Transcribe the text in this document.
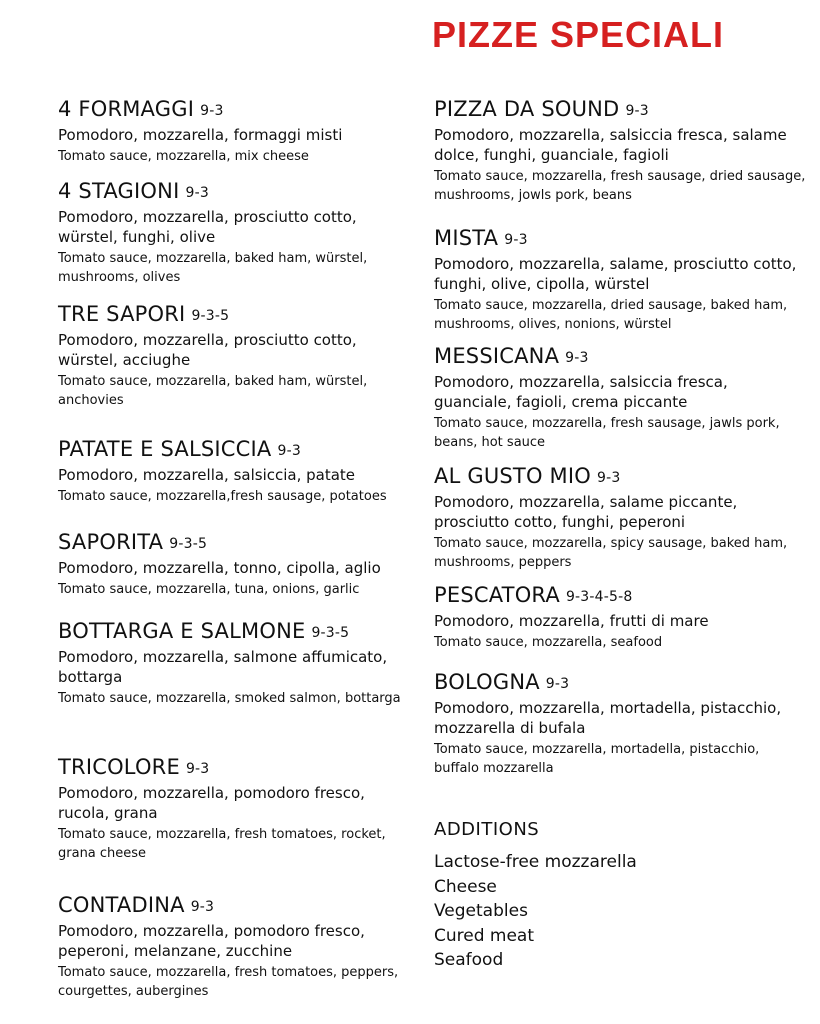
PIZZE SPECIALI
4 FORMAGGI 9-3
Pomodoro, mozzarella, formaggi misti
Tomato sauce, mozzarella, mix cheese
4 STAGIONI 9-3
Pomodoro, mozzarella, prosciutto cotto, würstel, funghi, olive
Tomato sauce, mozzarella, baked ham, würstel, mushrooms, olives
TRE SAPORI 9-3-5
Pomodoro, mozzarella, prosciutto cotto, würstel, acciughe
Tomato sauce, mozzarella, baked ham, würstel, anchovies
PATATE E SALSICCIA 9-3
Pomodoro, mozzarella, salsiccia, patate
Tomato sauce, mozzarella,fresh sausage, potatoes
SAPORITA 9-3-5
Pomodoro, mozzarella, tonno, cipolla, aglio
Tomato sauce, mozzarella, tuna, onions, garlic
BOTTARGA E SALMONE 9-3-5
Pomodoro, mozzarella, salmone affumicato, bottarga
Tomato sauce, mozzarella, smoked salmon, bottarga
TRICOLORE 9-3
Pomodoro, mozzarella, pomodoro fresco, rucola, grana
Tomato sauce, mozzarella, fresh tomatoes, rocket, grana cheese
CONTADINA 9-3
Pomodoro, mozzarella, pomodoro fresco, peperoni, melanzane, zucchine
Tomato sauce, mozzarella, fresh tomatoes, peppers, courgettes, aubergines
PIZZA DA SOUND 9-3
Pomodoro, mozzarella, salsiccia fresca, salame dolce, funghi, guanciale, fagioli
Tomato sauce, mozzarella, fresh sausage, dried sausage, mushrooms, jowls pork, beans
MISTA 9-3
Pomodoro, mozzarella, salame, prosciutto cotto, funghi, olive, cipolla, würstel
Tomato sauce, mozzarella, dried sausage, baked ham, mushrooms, olives, nonions, würstel
MESSICANA 9-3
Pomodoro, mozzarella, salsiccia fresca, guanciale, fagioli, crema piccante
Tomato sauce, mozzarella, fresh sausage, jawls pork, beans, hot sauce
AL GUSTO MIO 9-3
Pomodoro, mozzarella, salame piccante, prosciutto cotto, funghi, peperoni
Tomato sauce, mozzarella, spicy sausage, baked ham, mushrooms, peppers
PESCATORA 9-3-4-5-8
Pomodoro, mozzarella, frutti di mare
Tomato sauce, mozzarella, seafood
BOLOGNA 9-3
Pomodoro, mozzarella, mortadella, pistacchio, mozzarella di bufala
Tomato sauce, mozzarella, mortadella, pistacchio, buffalo mozzarella
ADDITIONS
Lactose-free mozzarella
Cheese
Vegetables
Cured meat
Seafood
